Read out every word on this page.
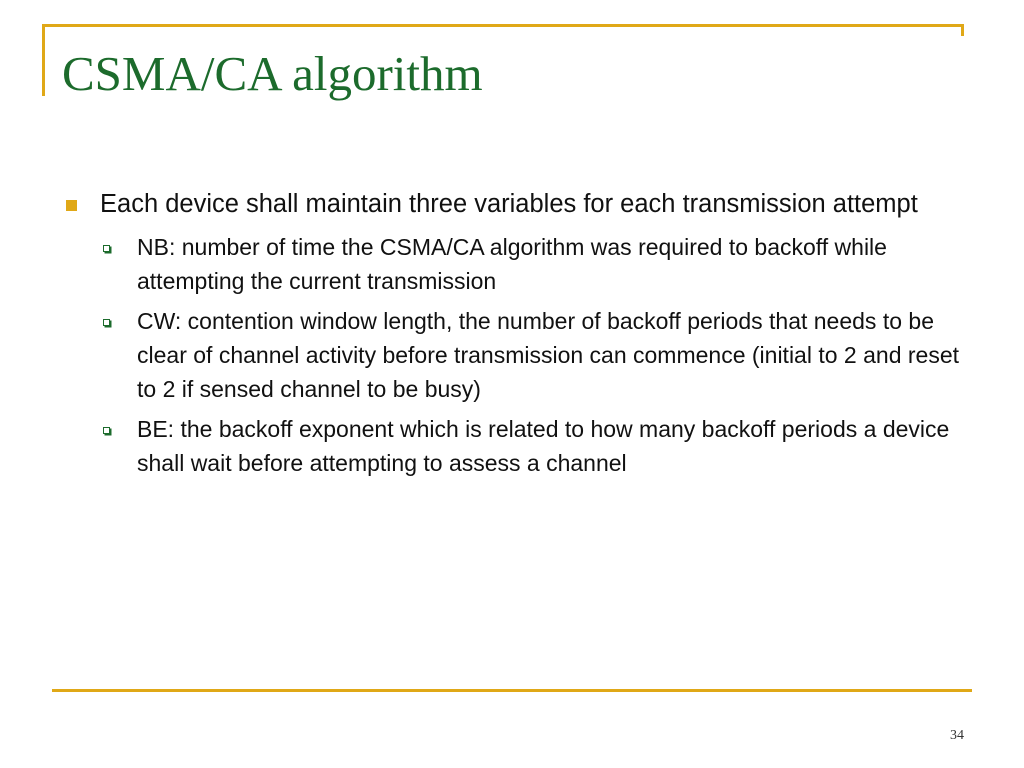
CSMA/CA algorithm
Each device shall maintain three variables for each transmission attempt
NB: number of time the CSMA/CA algorithm was required to backoff while attempting the current transmission
CW: contention window length, the number of backoff periods that needs to be clear of channel activity before transmission can commence (initial to 2 and reset to 2 if sensed channel to be busy)
BE: the backoff exponent which is related to how many backoff periods a device shall wait before attempting to assess a channel
34
